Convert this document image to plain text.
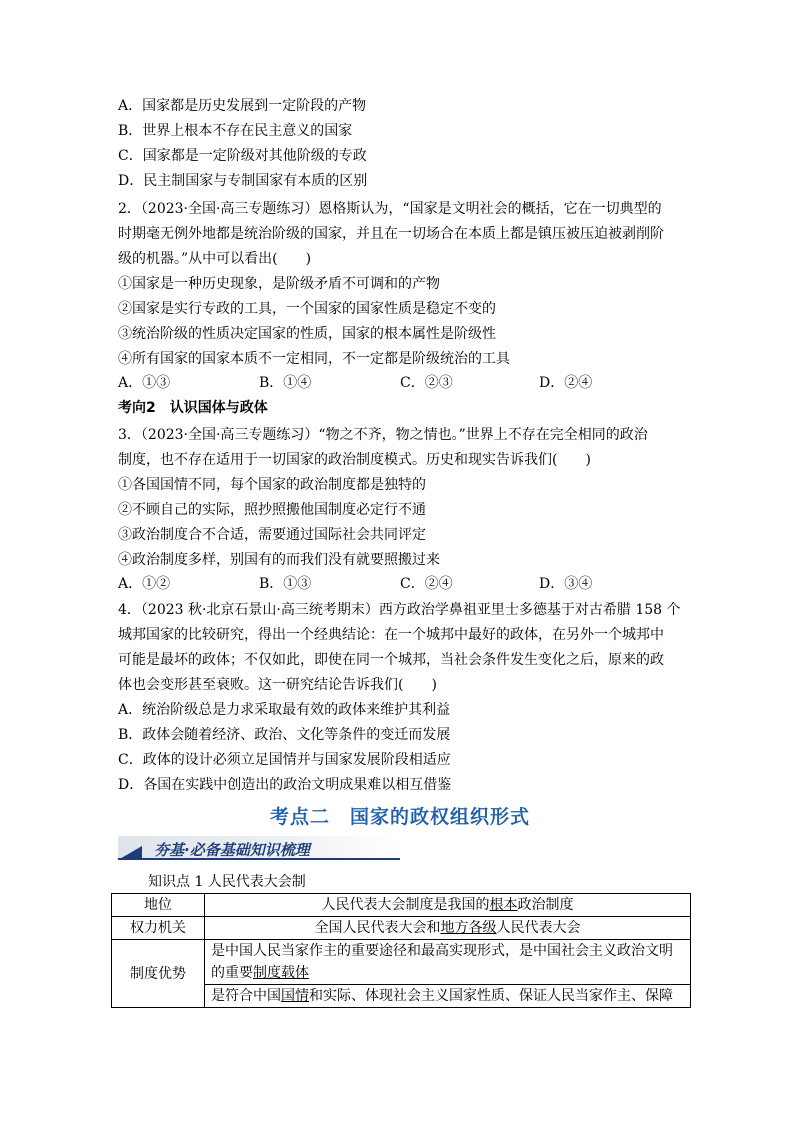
A．国家都是历史发展到一定阶段的产物
B．世界上根本不存在民主意义的国家
C．国家都是一定阶级对其他阶级的专政
D．民主制国家与专制国家有本质的区别
2．（2023·全国·高三专题练习）恩格斯认为，“国家是文明社会的概括，它在一切典型的
时期毫无例外地都是统治阶级的国家，并且在一切场合在本质上都是镇压被压迫被剥削阶
级的机器。”从中可以看出(　　)
①国家是一种历史现象，是阶级矛盾不可调和的产物
②国家是实行专政的工具，一个国家的国家性质是稳定不变的
③统治阶级的性质决定国家的性质，国家的根本属性是阶级性
④所有国家的国家本质不一定相同，不一定都是阶级统治的工具
A．①③	B．①④	C．②③	D．②④
考向2　认识国体与政体
3．（2023·全国·高三专题练习）“物之不齐，物之情也。”世界上不存在完全相同的政治
制度，也不存在适用于一切国家的政治制度模式。历史和现实告诉我们(　　)
①各国国情不同，每个国家的政治制度都是独特的
②不顾自己的实际，照抄照搬他国制度必定行不通
③政治制度合不合适，需要通过国际社会共同评定
④政治制度多样，别国有的而我们没有就要照搬过来
A．①②	B．①③	C．②④	D．③④
4．（2023 秋·北京石景山·高三统考期末）西方政治学鼻祖亚里士多德基于对古希腊 158 个
城邦国家的比较研究，得出一个经典结论：在一个城邦中最好的政体，在另外一个城邦中
可能是最坏的政体；不仅如此，即使在同一个城邦，当社会条件发生变化之后，原来的政
体也会变形甚至衰败。这一研究结论告诉我们(　　)
A．统治阶级总是力求采取最有效的政体来维护其利益
B．政体会随着经济、政治、文化等条件的变迁而发展
C．政体的设计必须立足国情并与国家发展阶段相适应
D．各国在实践中创造出的政治文明成果难以相互借鉴
考点二　国家的政权组织形式
夯基·必备基础知识梳理
知识点 1 人民代表大会制
地位	人民代表大会制度是我国的根本政治制度
权力机关	全国人民代表大会和地方各级人民代表大会
制度优势	是中国人民当家作主的重要途径和最高实现形式，是中国社会主义政治文明
的重要制度载体

	是符合中国国情和实际、体现社会主义国家性质、保证人民当家作主、保障
